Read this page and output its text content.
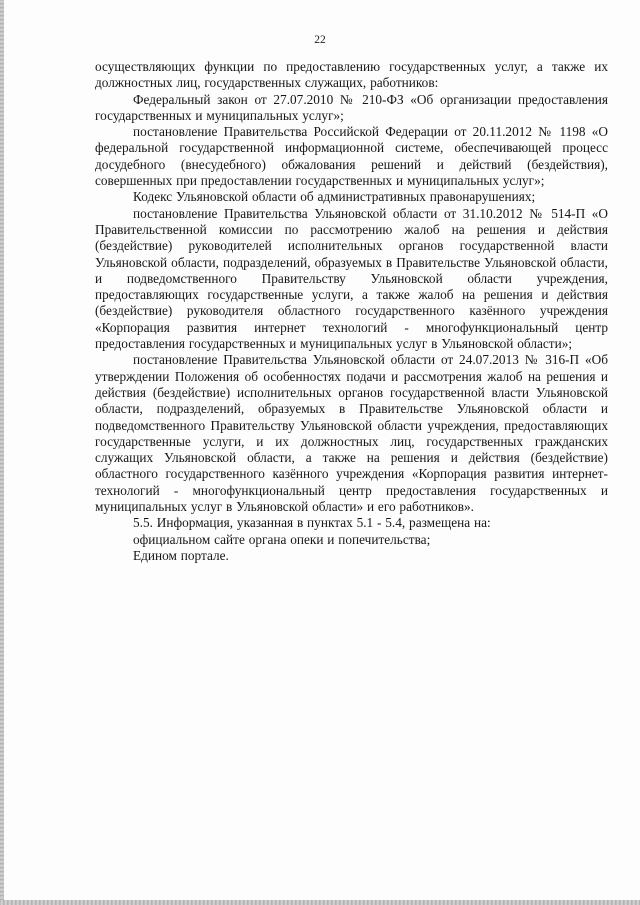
22

осуществляющих функции по предоставлению государственных услуг, а также их должностных лиц, государственных служащих, работников:

Федеральный закон от 27.07.2010 № 210-ФЗ «Об организации предоставления государственных и муниципальных услуг»;

постановление Правительства Российской Федерации от 20.11.2012 № 1198 «О федеральной государственной информационной системе, обеспечивающей процесс досудебного (внесудебного) обжалования решений и действий (бездействия), совершенных при предоставлении государственных и муниципальных услуг»;

Кодекс Ульяновской области об административных правонарушениях;

постановление Правительства Ульяновской области от 31.10.2012 № 514-П «О Правительственной комиссии по рассмотрению жалоб на решения и действия (бездействие) руководителей исполнительных органов государственной власти Ульяновской области, подразделений, образуемых в Правительстве Ульяновской области, и подведомственного Правительству Ульяновской области учреждения, предоставляющих государственные услуги, а также жалоб на решения и действия (бездействие) руководителя областного государственного казённого учреждения «Корпорация развития интернет технологий - многофункциональный центр предоставления государственных и муниципальных услуг в Ульяновской области»;

постановление Правительства Ульяновской области от 24.07.2013 № 316-П «Об утверждении Положения об особенностях подачи и рассмотрения жалоб на решения и действия (бездействие) исполнительных органов государственной власти Ульяновской области, подразделений, образуемых в Правительстве Ульяновской области и подведомственного Правительству Ульяновской области учреждения, предоставляющих государственные услуги, и их должностных лиц, государственных гражданских служащих Ульяновской области, а также на решения и действия (бездействие) областного государственного казённого учреждения «Корпорация развития интернет-технологий - многофункциональный центр предоставления государственных и муниципальных услуг в Ульяновской области» и его работников».

5.5. Информация, указанная в пунктах 5.1 - 5.4, размещена на:

официальном сайте органа опеки и попечительства;

Едином портале.
